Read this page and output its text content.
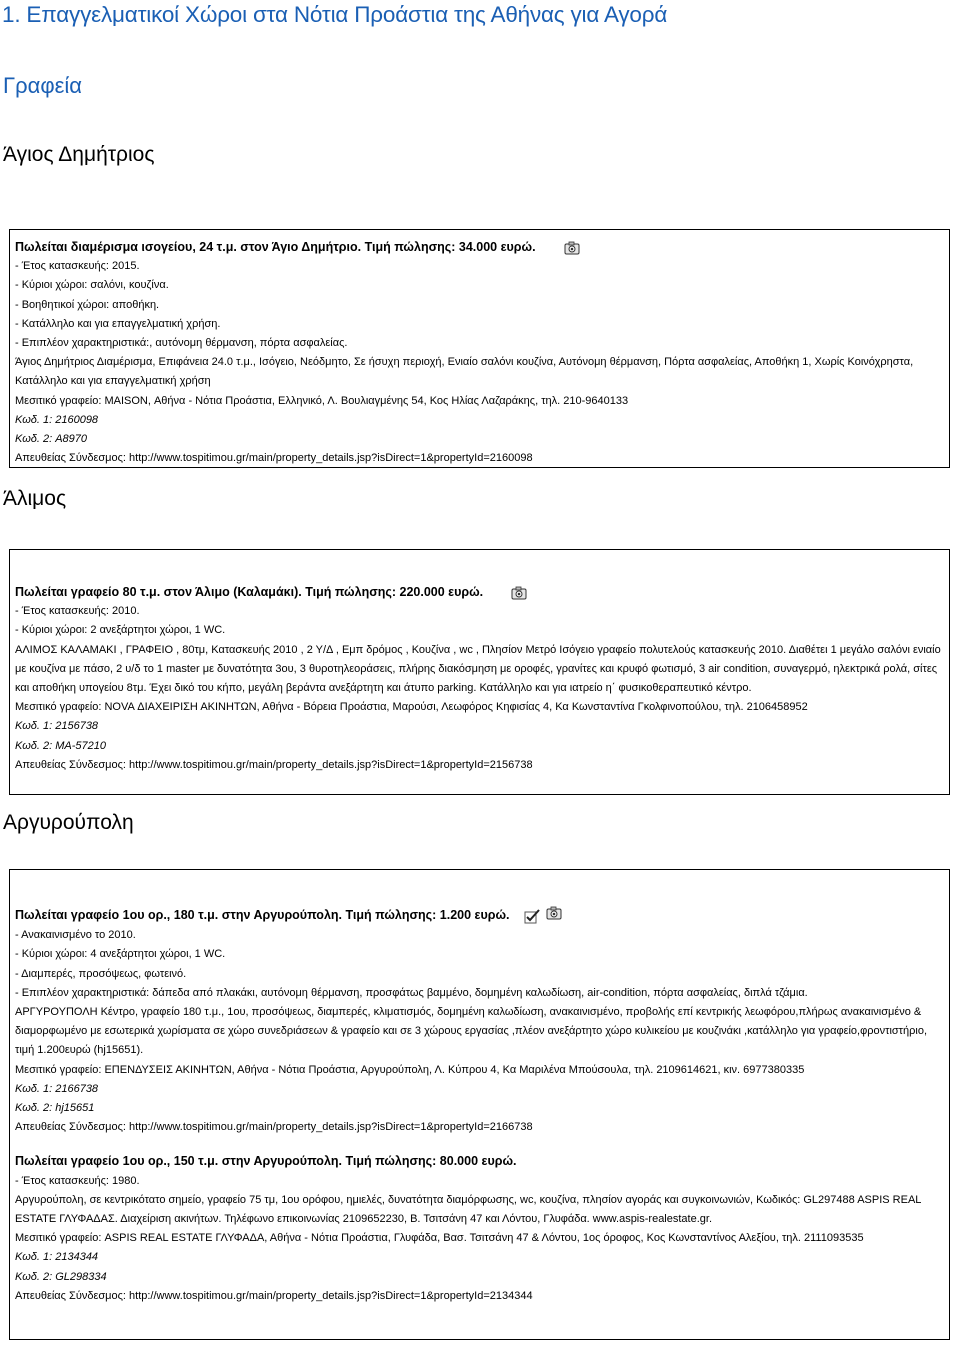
1. Επαγγελματικοί Χώροι στα Νότια Προάστια της Αθήνας για Αγορά
Γραφεία
Άγιος Δημήτριος
Πωλείται διαμέρισμα ισογείου, 24 τ.μ. στον Άγιο Δημήτριο. Τιμή πώλησης: 34.000 ευρώ.
- Έτος κατασκευής: 2015.
- Κύριοι χώροι: σαλόνι, κουζίνα.
- Βοηθητικοί χώροι: αποθήκη.
- Κατάλληλο και για επαγγελματική χρήση.
- Επιπλέον χαρακτηριστικά:, αυτόνομη θέρμανση, πόρτα ασφαλείας.
Άγιος Δημήτριος Διαμέρισμα, Επιφάνεια 24.0 τ.μ., Ισόγειο, Νεόδμητο, Σε ήσυχη περιοχή, Ενιαίο σαλόνι κουζίνα, Αυτόνομη θέρμανση, Πόρτα ασφαλείας, Αποθήκη 1, Χωρίς Κοινόχρηστα, Κατάλληλο και για επαγγελματική χρήση
Μεσιτικό γραφείο: MAISON, Αθήνα - Νότια Προάστια, Ελληνικό, Λ. Βουλιαγμένης 54, Κος Ηλίας Λαζαράκης, τηλ. 210-9640133
Κωδ. 1: 2160098
Κωδ. 2: A8970
Απευθείας Σύνδεσμος: http://www.tospitimou.gr/main/property_details.jsp?isDirect=1&propertyId=2160098
Άλιμος
Πωλείται γραφείο 80 τ.μ. στον Άλιμο (Καλαμάκι). Τιμή πώλησης: 220.000 ευρώ.
- Έτος κατασκευής: 2010.
- Κύριοι χώροι: 2 ανεξάρτητοι χώροι, 1 WC.
ΑΛΙΜΟΣ ΚΑΛΑΜΑΚΙ , ΓΡΑΦΕΙΟ , 80τμ, Κατασκευής 2010 , 2 Υ/Δ , Εμπ δρόμος , Κουζίνα , wc , Πλησίον Μετρό Ισόγειο γραφείο πολυτελούς κατασκευής 2010. Διαθέτει 1 μεγάλο σαλόνι ενιαίο με κουζίνα με πάσο, 2 υ/δ το 1 master με δυνατότητα 3ου, 3 θυροτηλεοράσεις, πλήρης διακόσμηση με οροφές, γρανίτες και κρυφό φωτισμό, 3 air condition, συναγερμό, ηλεκτρικά ρολά, σίτες και αποθήκη υπογείου 8τμ. Έχει δικό του κήπο, μεγάλη βεράντα ανεξάρτητη και άτυπο parking. Κατάλληλο και για ιατρείο η΄ φυσικοθεραπευτικό κέντρο.
Μεσιτικό γραφείο: NOVA ΔΙΑΧΕΙΡΙΣΗ ΑΚΙΝΗΤΩΝ, Αθήνα - Βόρεια Προάστια, Μαρούσι, Λεωφόρος Κηφισίας 4, Κα Κωνσταντίνα Γκολφινοπούλου, τηλ. 2106458952
Κωδ. 1: 2156738
Κωδ. 2: MA-57210
Απευθείας Σύνδεσμος: http://www.tospitimou.gr/main/property_details.jsp?isDirect=1&propertyId=2156738
Αργυρούπολη
Πωλείται γραφείο 1ου ορ., 180 τ.μ. στην Αργυρούπολη. Τιμή πώλησης: 1.200 ευρώ.
- Ανακαινισμένο το 2010.
- Κύριοι χώροι: 4 ανεξάρτητοι χώροι, 1 WC.
- Διαμπερές, προσόψεως, φωτεινό.
- Επιπλέον χαρακτηριστικά: δάπεδα από πλακάκι, αυτόνομη θέρμανση, προσφάτως βαμμένο, δομημένη καλωδίωση, air-condition, πόρτα ασφαλείας, διπλά τζάμια.
ΑΡΓΥΡΟΥΠΟΛΗ Κέντρο, γραφείο 180 τ.μ., 1ου, προσόψεως, διαμπερές, κλιματισμός, δομημένη καλωδίωση, ανακαινισμένο, προβολής επί κεντρικής λεωφόρου,πλήρως ανακαινισμένο & διαμορφωμένο με εσωτερικά χωρίσματα σε χώρο συνεδριάσεων & γραφείο και σε 3 χώρους εργασίας ,πλέον ανεξάρτητο χώρο κυλικείου με κουζινάκι ,κατάλληλο για γραφείο,φροντιστήριο, τιμή 1.200ευρώ (hj15651).
Μεσιτικό γραφείο: ΕΠΕΝΔΥΣΕΙΣ ΑΚΙΝΗΤΩΝ, Αθήνα - Νότια Προάστια, Αργυρούπολη, Λ. Κύπρου 4, Κα Μαριλένα Μπούσουλα, τηλ. 2109614621, κιν. 6977380335
Κωδ. 1: 2166738
Κωδ. 2: hj15651
Απευθείας Σύνδεσμος: http://www.tospitimou.gr/main/property_details.jsp?isDirect=1&propertyId=2166738
Πωλείται γραφείο 1ου ορ., 150 τ.μ. στην Αργυρούπολη. Τιμή πώλησης: 80.000 ευρώ.
- Έτος κατασκευής: 1980.
Αργυρούπολη, σε κεντρικότατο σημείο, γραφείο 75 τμ, 1ου ορόφου, ημιελές, δυνατότητα διαμόρφωσης, wc, κουζίνα, πλησίον αγοράς και συγκοινωνιών, Κωδικός: GL297488 ASPIS REAL ESTATE ΓΛΥΦΑΔΑΣ. Διαχείριση ακινήτων. Τηλέφωνο επικοινωνίας 2109652230, Β. Τσιτσάνη 47 και Λόντου, Γλυφάδα. www.aspis-realestate.gr.
Μεσιτικό γραφείο: ASPIS REAL ESTATE ΓΛΥΦΑΔΑ, Αθήνα - Νότια Προάστια, Γλυφάδα, Βασ. Τσιτσάνη 47 & Λόντου, 1ος όροφος, Κος Κωνσταντίνος Αλεξίου, τηλ. 2111093535
Κωδ. 1: 2134344
Κωδ. 2: GL298334
Απευθείας Σύνδεσμος: http://www.tospitimou.gr/main/property_details.jsp?isDirect=1&propertyId=2134344
